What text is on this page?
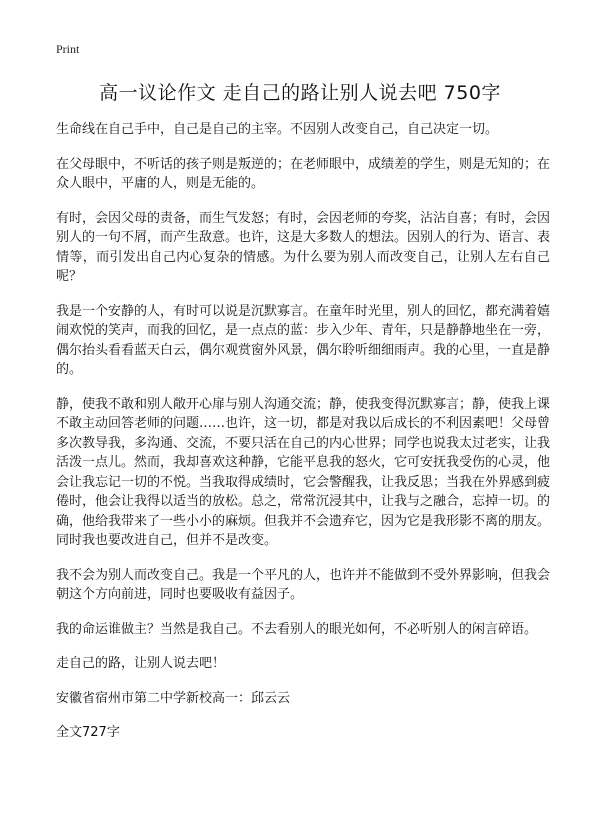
Print
高一议论作文 走自己的路让别人说去吧 750字

生命线在自己手中，自己是自己的主宰。不因别人改变自己，自己决定一切。

在父母眼中，不听话的孩子则是叛逆的；在老师眼中，成绩差的学生，则是无知的；在众人眼中，平庸的人，则是无能的。

有时，会因父母的责备，而生气发怒；有时，会因老师的夸奖，沾沾自喜；有时，会因别人的一句不屑，而产生敌意。也许，这是大多数人的想法。因别人的行为、语言、表情等，而引发出自己内心复杂的情感。为什么要为别人而改变自己，让别人左右自己呢？

我是一个安静的人，有时可以说是沉默寡言。在童年时光里，别人的回忆，都充满着嬉闹欢悦的笑声，而我的回忆，是一点点的蓝：步入少年、青年，只是静静地坐在一旁，偶尔抬头看看蓝天白云，偶尔观赏窗外风景，偶尔聆听细细雨声。我的心里，一直是静的。

静，使我不敢和别人敞开心扉与别人沟通交流；静，使我变得沉默寡言；静，使我上课不敢主动回答老师的问题……也许，这一切，都是对我以后成长的不利因素吧！父母曾多次教导我，多沟通、交流，不要只活在自己的内心世界；同学也说我太过老实，让我活泼一点儿。然而，我却喜欢这种静，它能平息我的怒火，它可安抚我受伤的心灵，他会让我忘记一切的不悦。当我取得成绩时，它会警醒我，让我反思；当我在外界感到疲倦时，他会让我得以适当的放松。总之，常常沉浸其中，让我与之融合，忘掉一切。的确，他给我带来了一些小小的麻烦。但我并不会遗弃它，因为它是我形影不离的朋友。同时我也要改进自己，但并不是改变。

我不会为别人而改变自己。我是一个平凡的人，也许并不能做到不受外界影响，但我会朝这个方向前进，同时也要吸收有益因子。

我的命运谁做主？当然是我自己。不去看别人的眼光如何，不必听别人的闲言碎语。

走自己的路，让别人说去吧！

安徽省宿州市第二中学新校高一：邱云云

全文727字
